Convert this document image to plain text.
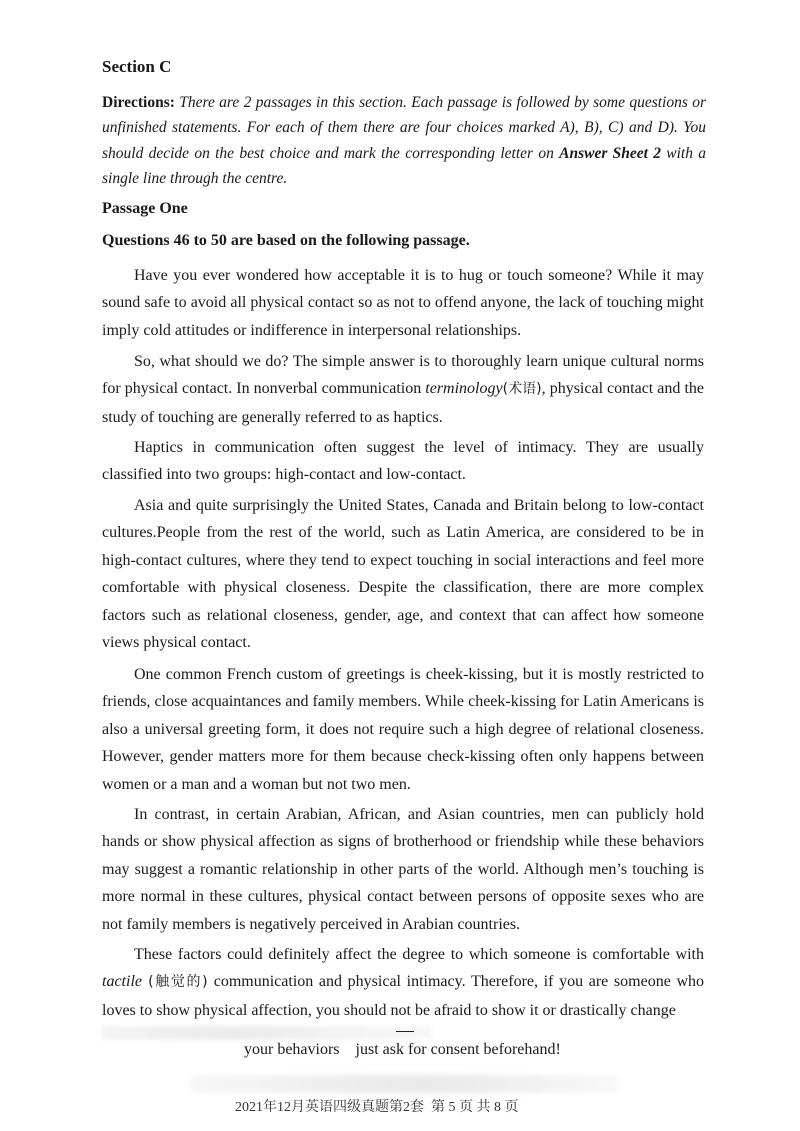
Section C

Directions: There are 2 passages in this section. Each passage is followed by some questions or unfinished statements. For each of them there are four choices marked A), B), C) and D). You should decide on the best choice and mark the corresponding letter on Answer Sheet 2 with a single line through the centre.

Passage One
Questions 46 to 50 are based on the following passage.

Have you ever wondered how acceptable it is to hug or touch someone? While it may sound safe to avoid all physical contact so as not to offend anyone, the lack of touching might imply cold attitudes or indifference in interpersonal relationships.

So, what should we do? The simple answer is to thoroughly learn unique cultural norms for physical contact. In nonverbal communication terminology(术语), physical contact and the study of touching are generally referred to as haptics.

Haptics in communication often suggest the level of intimacy. They are usually classified into two groups: high-contact and low-contact.

Asia and quite surprisingly the United States, Canada and Britain belong to low-contact cultures.People from the rest of the world, such as Latin America, are considered to be in high-contact cultures, where they tend to expect touching in social interactions and feel more comfortable with physical closeness. Despite the classification, there are more complex factors such as relational closeness, gender, age, and context that can affect how someone views physical contact.

One common French custom of greetings is cheek-kissing, but it is mostly restricted to friends, close acquaintances and family members. While cheek-kissing for Latin Americans is also a universal greeting form, it does not require such a high degree of relational closeness. However, gender matters more for them because check-kissing often only happens between women or a man and a woman but not two men.

In contrast, in certain Arabian, African, and Asian countries, men can publicly hold hands or show physical affection as signs of brotherhood or friendship while these behaviors may suggest a romantic relationship in other parts of the world. Although men’s touching is more normal in these cultures, physical contact between persons of opposite sexes who are not family members is negatively perceived in Arabian countries.

These factors could definitely affect the degree to which someone is comfortable with tactile (触觉的) communication and physical intimacy. Therefore, if you are someone who loves to show physical affection, you should not be afraid to show it or drastically change

your behaviors    just ask for consent beforehand!

2021年12月英语四级真题第2套  第 5 页 共 8 页
